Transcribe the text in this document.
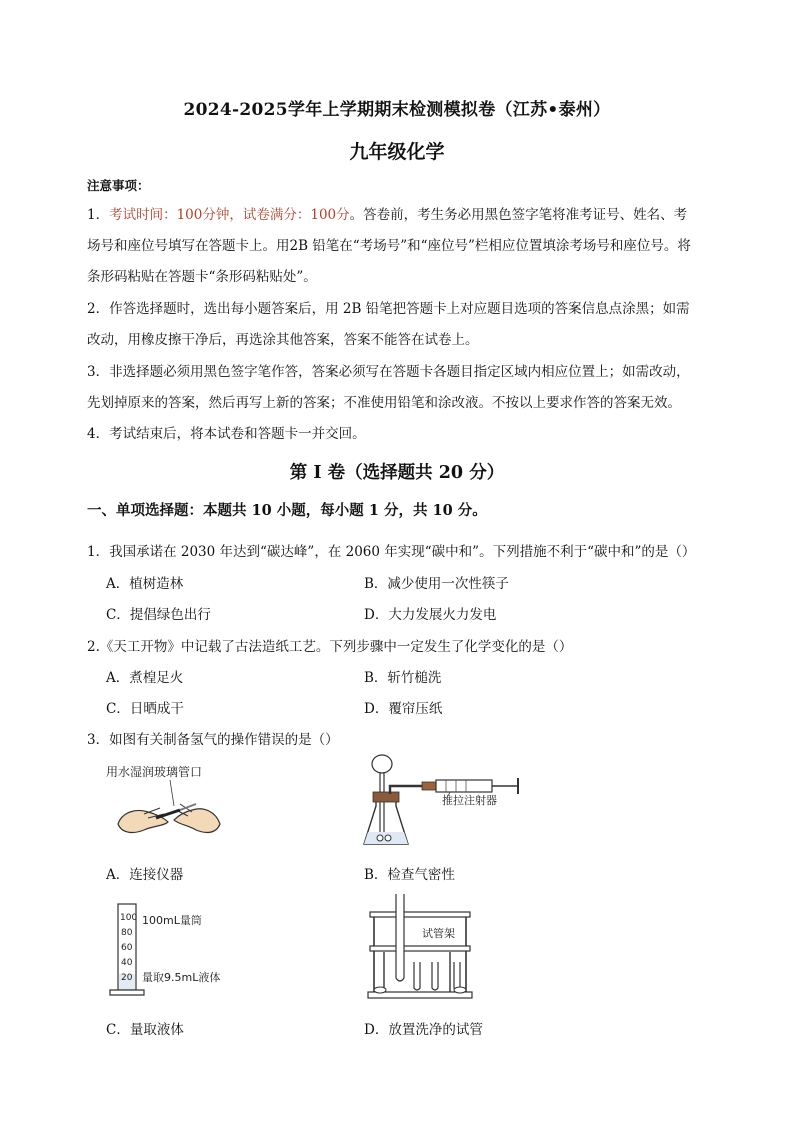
2024-2025学年上学期期末检测模拟卷（江苏•泰州）
九年级化学
注意事项：
1．考试时间：100分钟，试卷满分：100分。答卷前，考生务必用黑色签字笔将准考证号、姓名、考
场号和座位号填写在答题卡上。用2B 铅笔在“考场号”和“座位号”栏相应位置填涂考场号和座位号。将
条形码粘贴在答题卡“条形码粘贴处”。
2．作答选择题时，选出每小题答案后，用 2B 铅笔把答题卡上对应题目选项的答案信息点涂黑；如需
改动，用橡皮擦干净后，再选涂其他答案，答案不能答在试卷上。
3．非选择题必须用黑色签字笔作答，答案必须写在答题卡各题目指定区域内相应位置上；如需改动，
先划掉原来的答案，然后再写上新的答案；不准使用铅笔和涂改液。不按以上要求作答的答案无效。
4．考试结束后，将本试卷和答题卡一并交回。
第 I 卷（选择题共 20 分）
一、单项选择题：本题共 10 小题，每小题 1 分，共 10 分。
1．我国承诺在 2030 年达到“碳达峰”，在 2060 年实现“碳中和”。下列措施不利于“碳中和”的是（）
A．植树造林	B．减少使用一次性筷子
C．提倡绿色出行	D．大力发展火力发电
2.《天工开物》中记载了古法造纸工艺。下列步骤中一定发生了化学变化的是（）
A．煮楻足火	B．斩竹槌洗
C．日晒成干	D．覆帘压纸
3．如图有关制备氢气的操作错误的是（）
用水湿润玻璃管口
A．连接仪器
推拉注射器
B．检查气密性
100
80
60
40
20
100mL量筒
量取9.5mL液体
C．量取液体
试管架
D．放置洗净的试管
